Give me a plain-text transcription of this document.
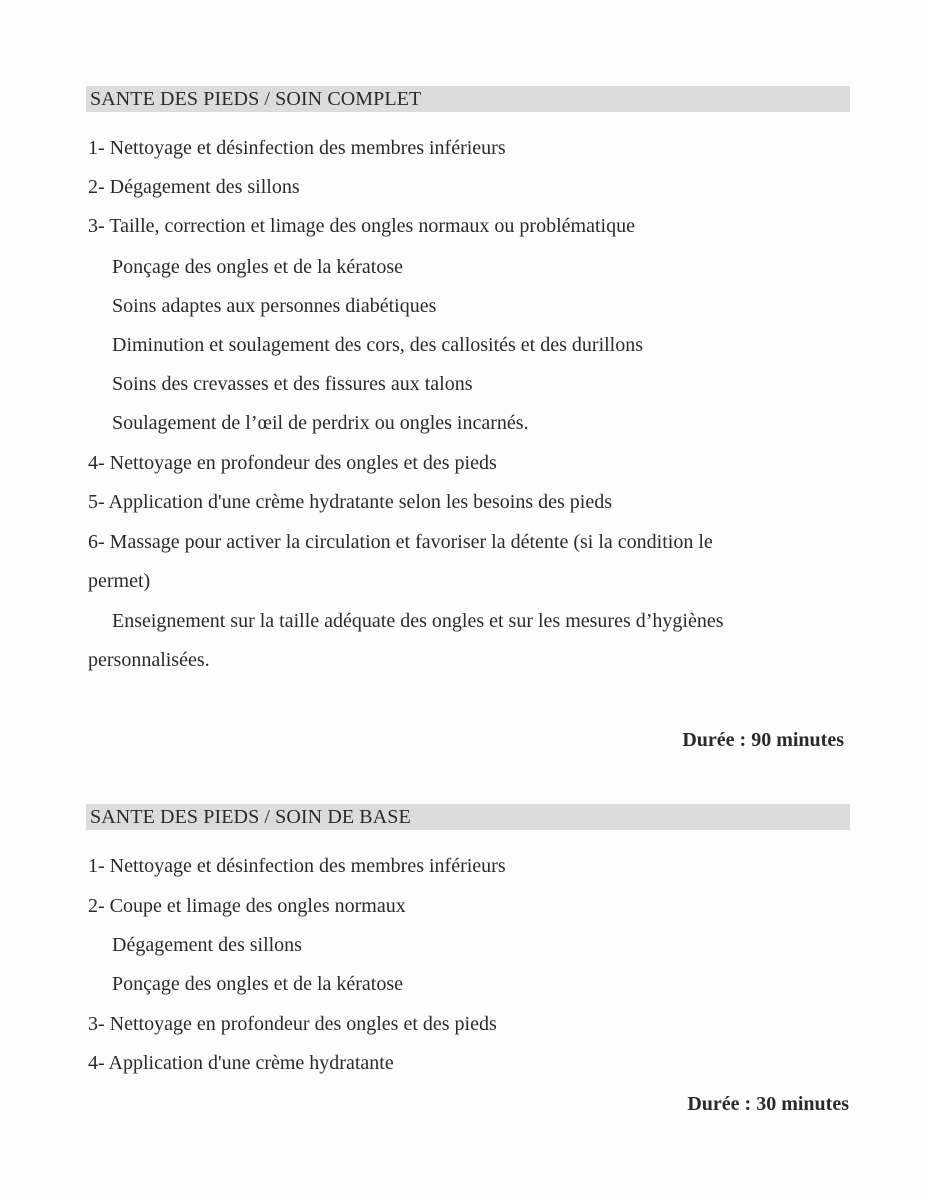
SANTE DES PIEDS / SOIN COMPLET
1- Nettoyage et désinfection des membres inférieurs
2- Dégagement des sillons
3- Taille, correction et limage des ongles normaux ou problématique
Ponçage des ongles et de la kératose
Soins adaptes aux personnes diabétiques
Diminution et soulagement des cors, des callosités et des durillons
Soins des crevasses et des fissures aux talons
Soulagement de l’œil de perdrix ou ongles incarnés.
4- Nettoyage en profondeur des ongles et des pieds
5- Application d'une crème hydratante selon les besoins des pieds
6- Massage pour activer la circulation et favoriser la détente (si la condition le
permet)
Enseignement sur la taille adéquate des ongles et sur les mesures d’hygiènes
personnalisées.
Durée : 90 minutes
SANTE DES PIEDS / SOIN DE BASE
1- Nettoyage et désinfection des membres inférieurs
2- Coupe et limage des ongles normaux
Dégagement des sillons
Ponçage des ongles et de la kératose
3- Nettoyage en profondeur des ongles et des pieds
4- Application d'une crème hydratante
Durée : 30 minutes
